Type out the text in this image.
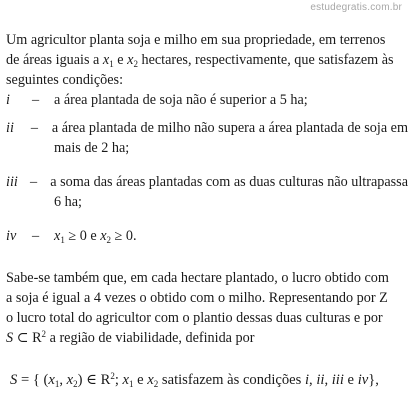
estudegratis.com.br
Um agricultor planta soja e milho em sua propriedade, em terrenos
de áreas iguais a $x_1$ e $x_2$ hectares, respectivamente, que satisfazem às
seguintes condições:
i	–	a área plantada de soja não é superior a 5 ha;
ii	– a área plantada de milho não supera a área plantada de soja em
mais de 2 ha;
iii – a soma das áreas plantadas com as duas culturas não ultrapassa
6 ha;
iv	–	$x_1 \ge 0$ e $x_2 \ge 0$.
Sabe-se também que, em cada hectare plantado, o lucro obtido com
a soja é igual a 4 vezes o obtido com o milho. Representando por Z
o lucro total do agricultor com o plantio dessas duas culturas e por
S ⊂ $R^2$ a região de viabilidade, definida por
S = { ($x_1$, $x_2$) ∈ $R^2$; $x_1$ e $x_2$ satisfazem às condições i, ii, iii e iv},
